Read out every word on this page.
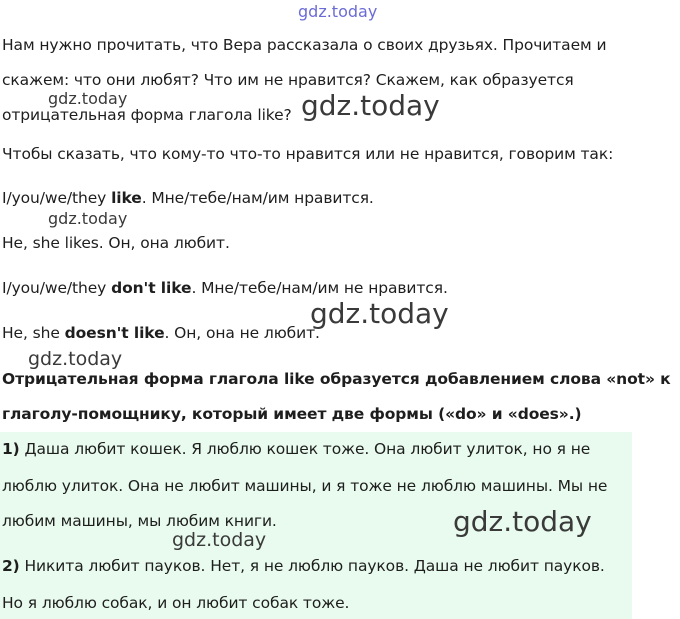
gdz.today
Нам нужно прочитать, что Вера рассказала о своих друзьях. Прочитаем и
скажем: что они любят? Что им не нравится? Скажем, как образуется
gdz.today
отрицательная форма глагола like? gdz.today
Чтобы сказать, что кому-то что-то нравится или не нравится, говорим так:
I/you/we/they like. Мне/тебе/нам/им нравится.
gdz.today
He, she likes. Он, она любит.
I/you/we/they don't like. Мне/тебе/нам/им не нравится.
gdz.today
He, she doesn't like. Он, она не любит.
gdz.today
Отрицательная форма глагола like образуется добавлением слова «not» к
глаголу-помощнику, который имеет две формы («do» и «does».)
1) Даша любит кошек. Я люблю кошек тоже. Она любит улиток, но я не
люблю улиток. Она не любит машины, и я тоже не люблю машины. Мы не
любим машины, мы любим книги.	gdz.today
gdz.today
2) Никита любит пауков. Нет, я не люблю пауков. Даша не любит пауков.
Но я люблю собак, и он любит собак тоже.
